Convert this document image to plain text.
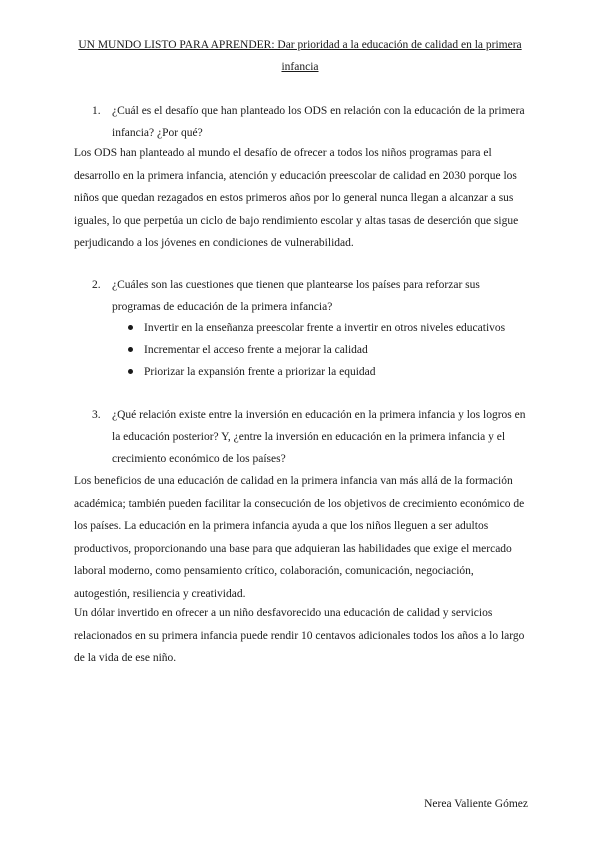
UN MUNDO LISTO PARA APRENDER: Dar prioridad a la educación de calidad en la primera infancia
1. ¿Cuál es el desafío que han planteado los ODS en relación con la educación de la primera infancia? ¿Por qué?
Los ODS han planteado al mundo el desafío de ofrecer a todos los niños programas para el desarrollo en la primera infancia, atención y educación preescolar de calidad en 2030 porque los niños que quedan rezagados en estos primeros años por lo general nunca llegan a alcanzar a sus iguales, lo que perpetúa un ciclo de bajo rendimiento escolar y altas tasas de deserción que sigue perjudicando a los jóvenes en condiciones de vulnerabilidad.
2. ¿Cuáles son las cuestiones que tienen que plantearse los países para reforzar sus programas de educación de la primera infancia?
Invertir en la enseñanza preescolar frente a invertir en otros niveles educativos
Incrementar el acceso frente a mejorar la calidad
Priorizar la expansión frente a priorizar la equidad
3. ¿Qué relación existe entre la inversión en educación en la primera infancia y los logros en la educación posterior? Y, ¿entre la inversión en educación en la primera infancia y el crecimiento económico de los países?
Los beneficios de una educación de calidad en la primera infancia van más allá de la formación académica; también pueden facilitar la consecución de los objetivos de crecimiento económico de los países. La educación en la primera infancia ayuda a que los niños lleguen a ser adultos productivos, proporcionando una base para que adquieran las habilidades que exige el mercado laboral moderno, como pensamiento crítico, colaboración, comunicación, negociación, autogestión, resiliencia y creatividad.
Un dólar invertido en ofrecer a un niño desfavorecido una educación de calidad y servicios relacionados en su primera infancia puede rendir 10 centavos adicionales todos los años a lo largo de la vida de ese niño.
Nerea Valiente Gómez
